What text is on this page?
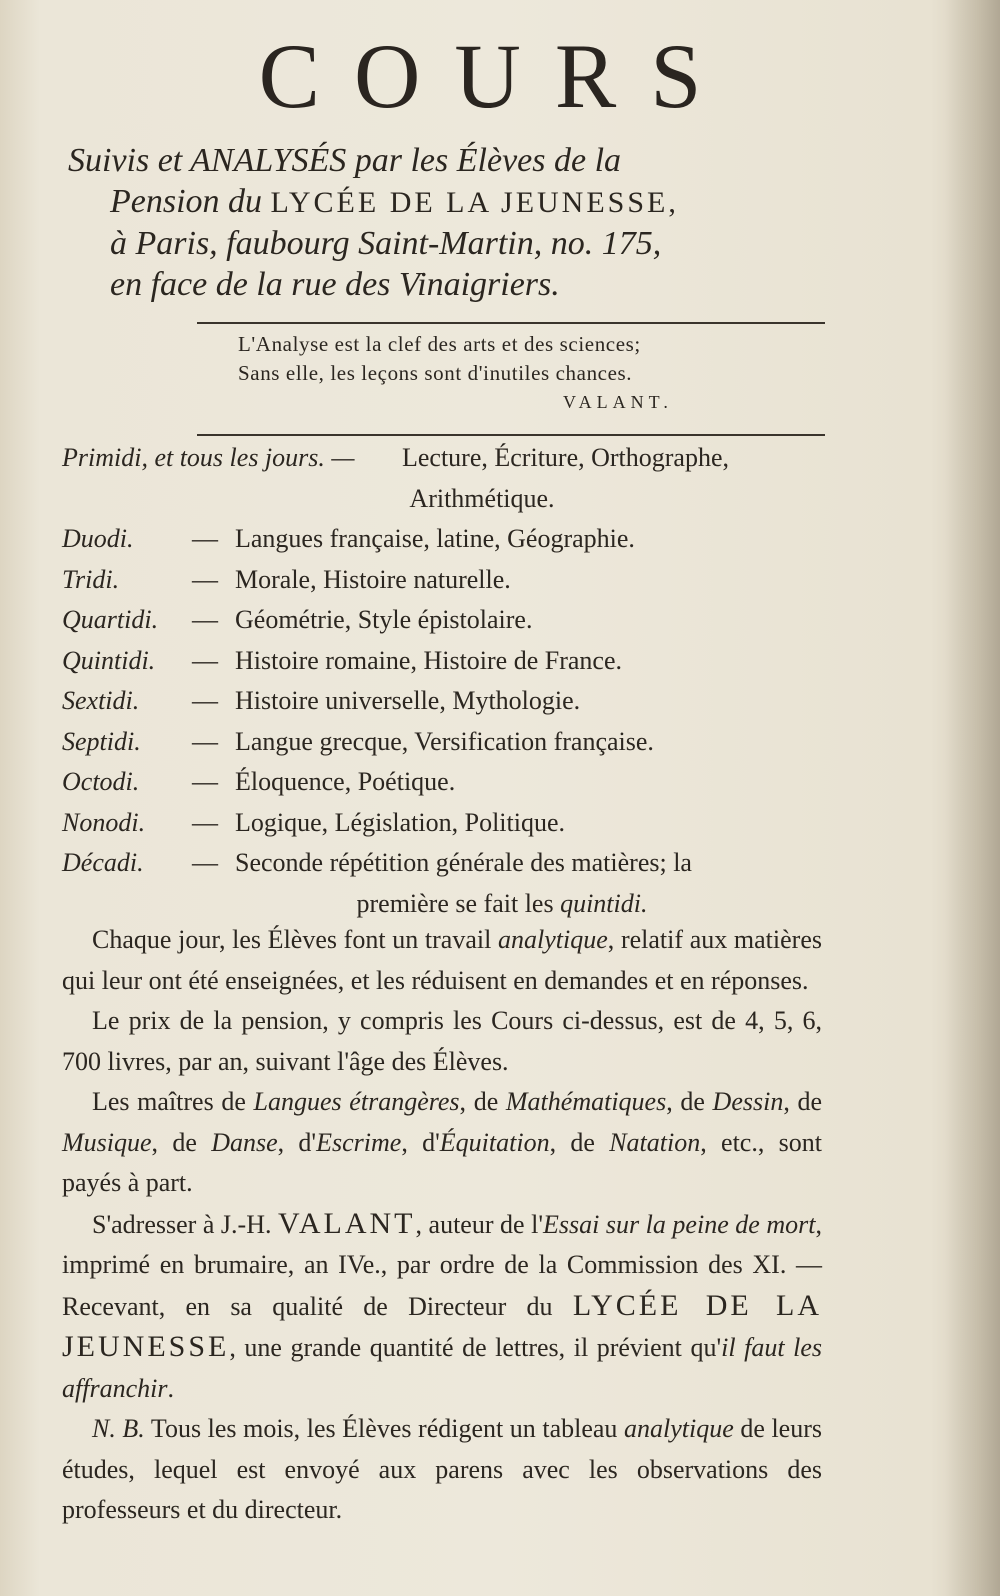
COURS
Suivis et ANALYSÉS par les Élèves de la
Pension du LYCÉE DE LA JEUNESSE,
à Paris, faubourg Saint-Martin, no. 175,
en face de la rue des Vinaigriers.
L'Analyse est la clef des arts et des sciences;
Sans elle, les leçons sont d'inutiles chances.
VALANT.
Primidi, et tous les jours. — Lecture, Écriture, Orthographe,
Arithmétique.
Duodi. — Langues française, latine, Géographie.
Tridi.	— Morale, Histoire naturelle.
Quartidi. — Géométrie, Style épistolaire.
Quintidi. — Histoire romaine, Histoire de France.
Sextidi. — Histoire universelle, Mythologie.
Septidi. — Langue grecque, Versification française.
Octodi. — Éloquence, Poétique.
Nonodi. — Logique, Législation, Politique.
Décadi. — Seconde répétition générale des matières; la
première se fait les quintidi.

Chaque jour, les Élèves font un travail analytique, relatif aux matières qui leur ont été enseignées, et les réduisent en demandes et en réponses.

Le prix de la pension, y compris les Cours ci-dessus, est de 4, 5, 6, 700 livres, par an, suivant l'âge des Élèves.

Les maîtres de Langues étrangères, de Mathématiques, de Dessin, de Musique, de Danse, d'Escrime, d'Équitation, de Natation, etc., sont payés à part.

S'adresser à J.-H. VALANT, auteur de l'Essai sur la peine de mort, imprimé en brumaire, an IVe., par ordre de la Commission des XI. — Recevant, en sa qualité de Directeur du LYCÉE DE LA JEUNESSE, une grande quantité de lettres, il prévient qu'il faut les affranchir.

N. B. Tous les mois, les Élèves rédigent un tableau analytique de leurs études, lequel est envoyé aux parens avec les observations des professeurs et du directeur.
